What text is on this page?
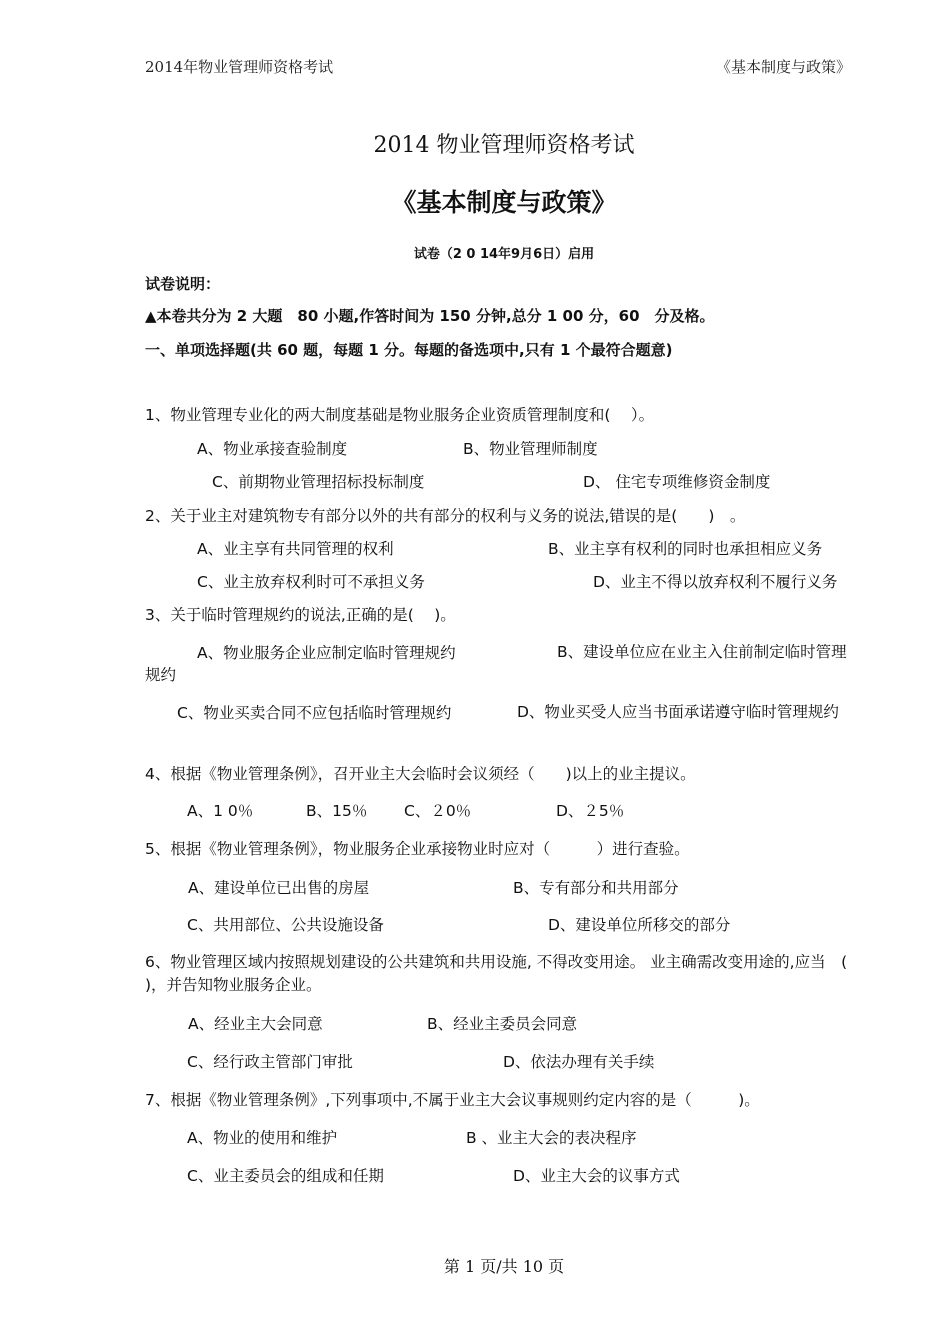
2014年物业管理师资格考试	《基本制度与政策》
2014 物业管理师资格考试
《基本制度与政策》
试卷（2 0 14年9月6日）启用
试卷说明：
▲本卷共分为 2 大题　80 小题,作答时间为 150 分钟,总分 1 00 分，60　分及格。
一、单项选择题(共 60 题，每题 1 分。每题的备选项中,只有 1 个最符合题意)
1、物业管理专业化的两大制度基础是物业服务企业资质管理制度和(　 ）。
A、物业承接查验制度	B、物业管理师制度
C、前期物业管理招标投标制度	D、 住宅专项维修资金制度
2、关于业主对建筑物专有部分以外的共有部分的权利与义务的说法,错误的是(　　)　。
A、业主享有共同管理的权利	B、业主享有权利的同时也承担相应义务
C、业主放弃权利时可不承担义务	D、业主不得以放弃权利不履行义务
3、关于临时管理规约的说法,正确的是(　 )。
A、物业服务企业应制定临时管理规约	B、建设单位应在业主入住前制定临时管理规约
C、物业买卖合同不应包括临时管理规约	D、物业买受人应当书面承诺遵守临时管理规约
4、根据《物业管理条例》，召开业主大会临时会议须经（　　)以上的业主提议。
A、1 0％	B、15％ C、２0％	D、２5％
5、根据《物业管理条例》，物业服务企业承接物业时应对（　　　）进行查验。
A、建设单位已出售的房屋	B、专有部分和共用部分
C、共用部位、公共设施设备	D、建设单位所移交的部分
6、物业管理区域内按照规划建设的公共建筑和共用设施, 不得改变用途。 业主确需改变用途的,应当　(　 )，并告知物业服务企业。
A、经业主大会同意	B、经业主委员会同意
C、经行政主管部门审批	D、依法办理有关手续
7、根据《物业管理条例》,下列事项中,不属于业主大会议事规则约定内容的是（　　　)。
A、物业的使用和维护	B 、业主大会的表决程序
C、业主委员会的组成和任期	D、业主大会的议事方式
第 1 页/共 10 页
